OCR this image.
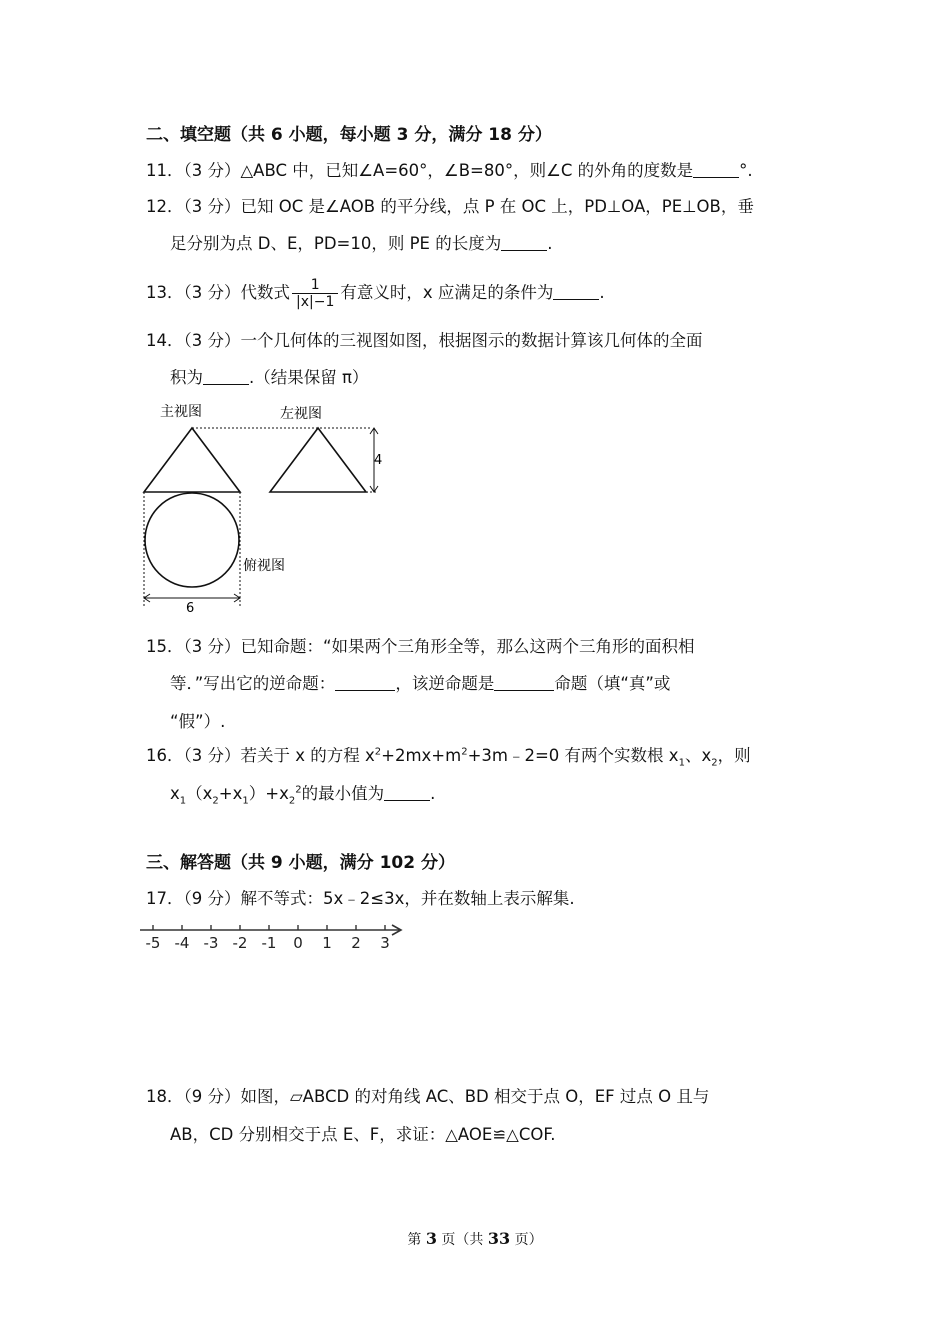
二、填空题（共 6 小题，每小题 3 分，满分 18 分）
11．（3 分）△ABC 中，已知∠A=60°，∠B=80°，则∠C 的外角的度数是	°.
12．（3 分）已知 OC 是∠AOB 的平分线，点 P 在 OC 上，PD⊥OA，PE⊥OB，垂
足分别为点 D、E，PD=10，则 PE 的长度为	.
13．（3 分）代数式 $\frac{1}{|x|-1}$ 有意义时，x 应满足的条件为	.
14．（3 分）一个几何体的三视图如图，根据图示的数据计算该几何体的全面
积为	.（结果保留 π）
主视图	左视图
4
俯视图
6
15．（3 分）已知命题：“如果两个三角形全等，那么这两个三角形的面积相
等．”写出它的逆命题：	，该逆命题是	命题（填“真”或
“假”）.
16．（3 分）若关于 x 的方程 $x^2+2mx+m^2+3m﹣2=0$ 有两个实数根 $x_1$、$x_2$，则
$x_1(x_2+x_1)+x_2^2$的最小值为	.
三、解答题（共 9 小题，满分 102 分）
17．（9 分）解不等式：5x﹣2≤3x，并在数轴上表示解集.
-5 -4 -3 -2 -1 0 1 2 3
18．（9 分）如图，▱ABCD 的对角线 AC、BD 相交于点 O，EF 过点 O 且与
AB，CD 分别相交于点 E、F，求证：△AOE≌△COF.
第 3 页（共 33 页）
